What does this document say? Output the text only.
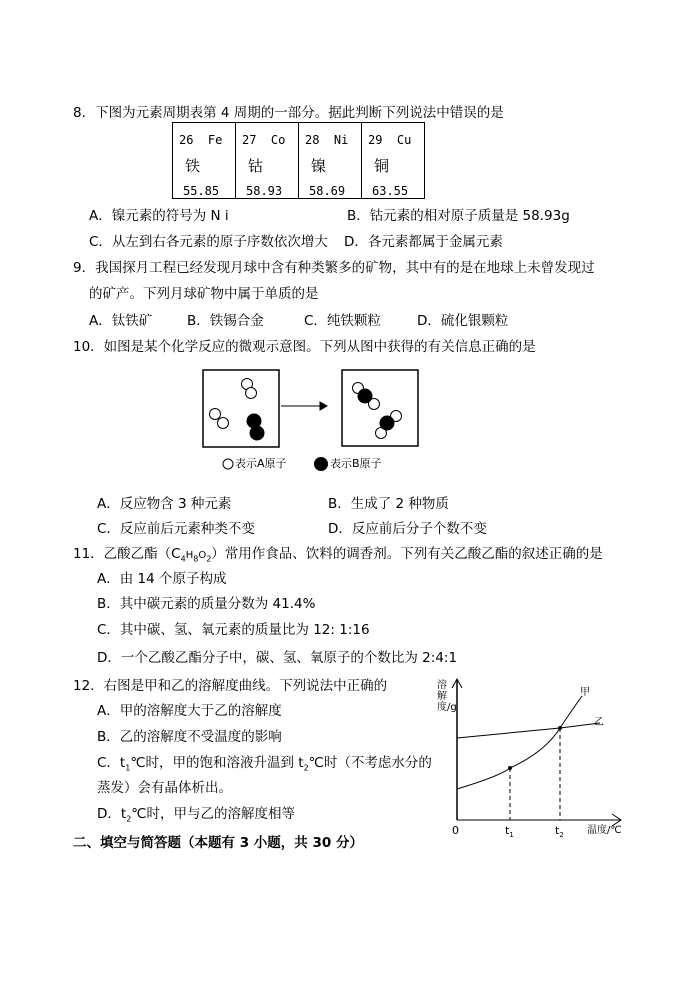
8．下图为元素周期表第 4 周期的一部分。据此判断下列说法中错误的是
26 Fe
铁
55.85

27 Co
钴
58.93

28 Ni
镍
58.69

29 Cu
铜
63.55
A．镍元素的符号为 N i	B．钴元素的相对原子质量是 58.93g
C．从左到右各元素的原子序数依次增大 D．各元素都属于金属元素
9．我国探月工程已经发现月球中含有种类繁多的矿物，其中有的是在地球上未曾发现过
的矿产。下列月球矿物中属于单质的是
A．钛铁矿	B．铁锡合金	C．纯铁颗粒	D．硫化银颗粒
10．如图是某个化学反应的微观示意图。下列从图中获得的有关信息正确的是
表示A原子	表示B原子
A．反应物含 3 种元素	B．生成了 2 种物质
C．反应前后元素种类不变	D．反应前后分子个数不变
11．乙酸乙酯$(C_4H_8O_2)$常用作食品、饮料的调香剂。下列有关乙酸乙酯的叙述正确的是
A．由 14 个原子构成
B．其中碳元素的质量分数为 41.4%
C．其中碳、氢、氧元素的质量比为 12: 1:16
D．一个乙酸乙酯分子中，碳、氢、氧原子的个数比为 2:4:1
12．右图是甲和乙的溶解度曲线。下列说法中正确的
A．甲的溶解度大于乙的溶解度
B．乙的溶解度不受温度的影响
C．$t_1℃$时，甲的饱和溶液升温到 $t_2℃$时（不考虑水分的
蒸发）会有晶体析出。
D．$t_2℃$时，甲与乙的溶解度相等
溶解度/g
0	$t_1$	$t_2$ 温度/℃
甲
乙
二、填空与简答题（本题有 3 小题，共 30 分）
